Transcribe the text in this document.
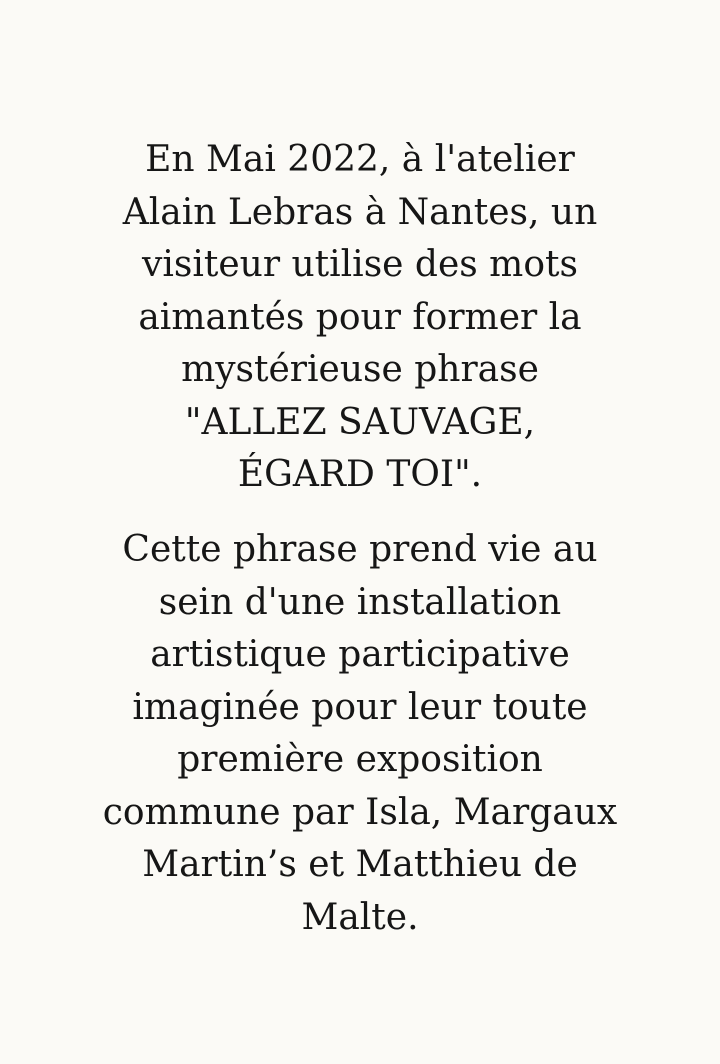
En Mai 2022, à l'atelier
Alain Lebras à Nantes, un
visiteur utilise des mots
aimantés pour former la
mystérieuse phrase
"ALLEZ SAUVAGE,
ÉGARD TOI".
Cette phrase prend vie au
sein d'une installation
artistique participative
imaginée pour leur toute
première exposition
commune par Isla, Margaux
Martin’s et Matthieu de
Malte.
